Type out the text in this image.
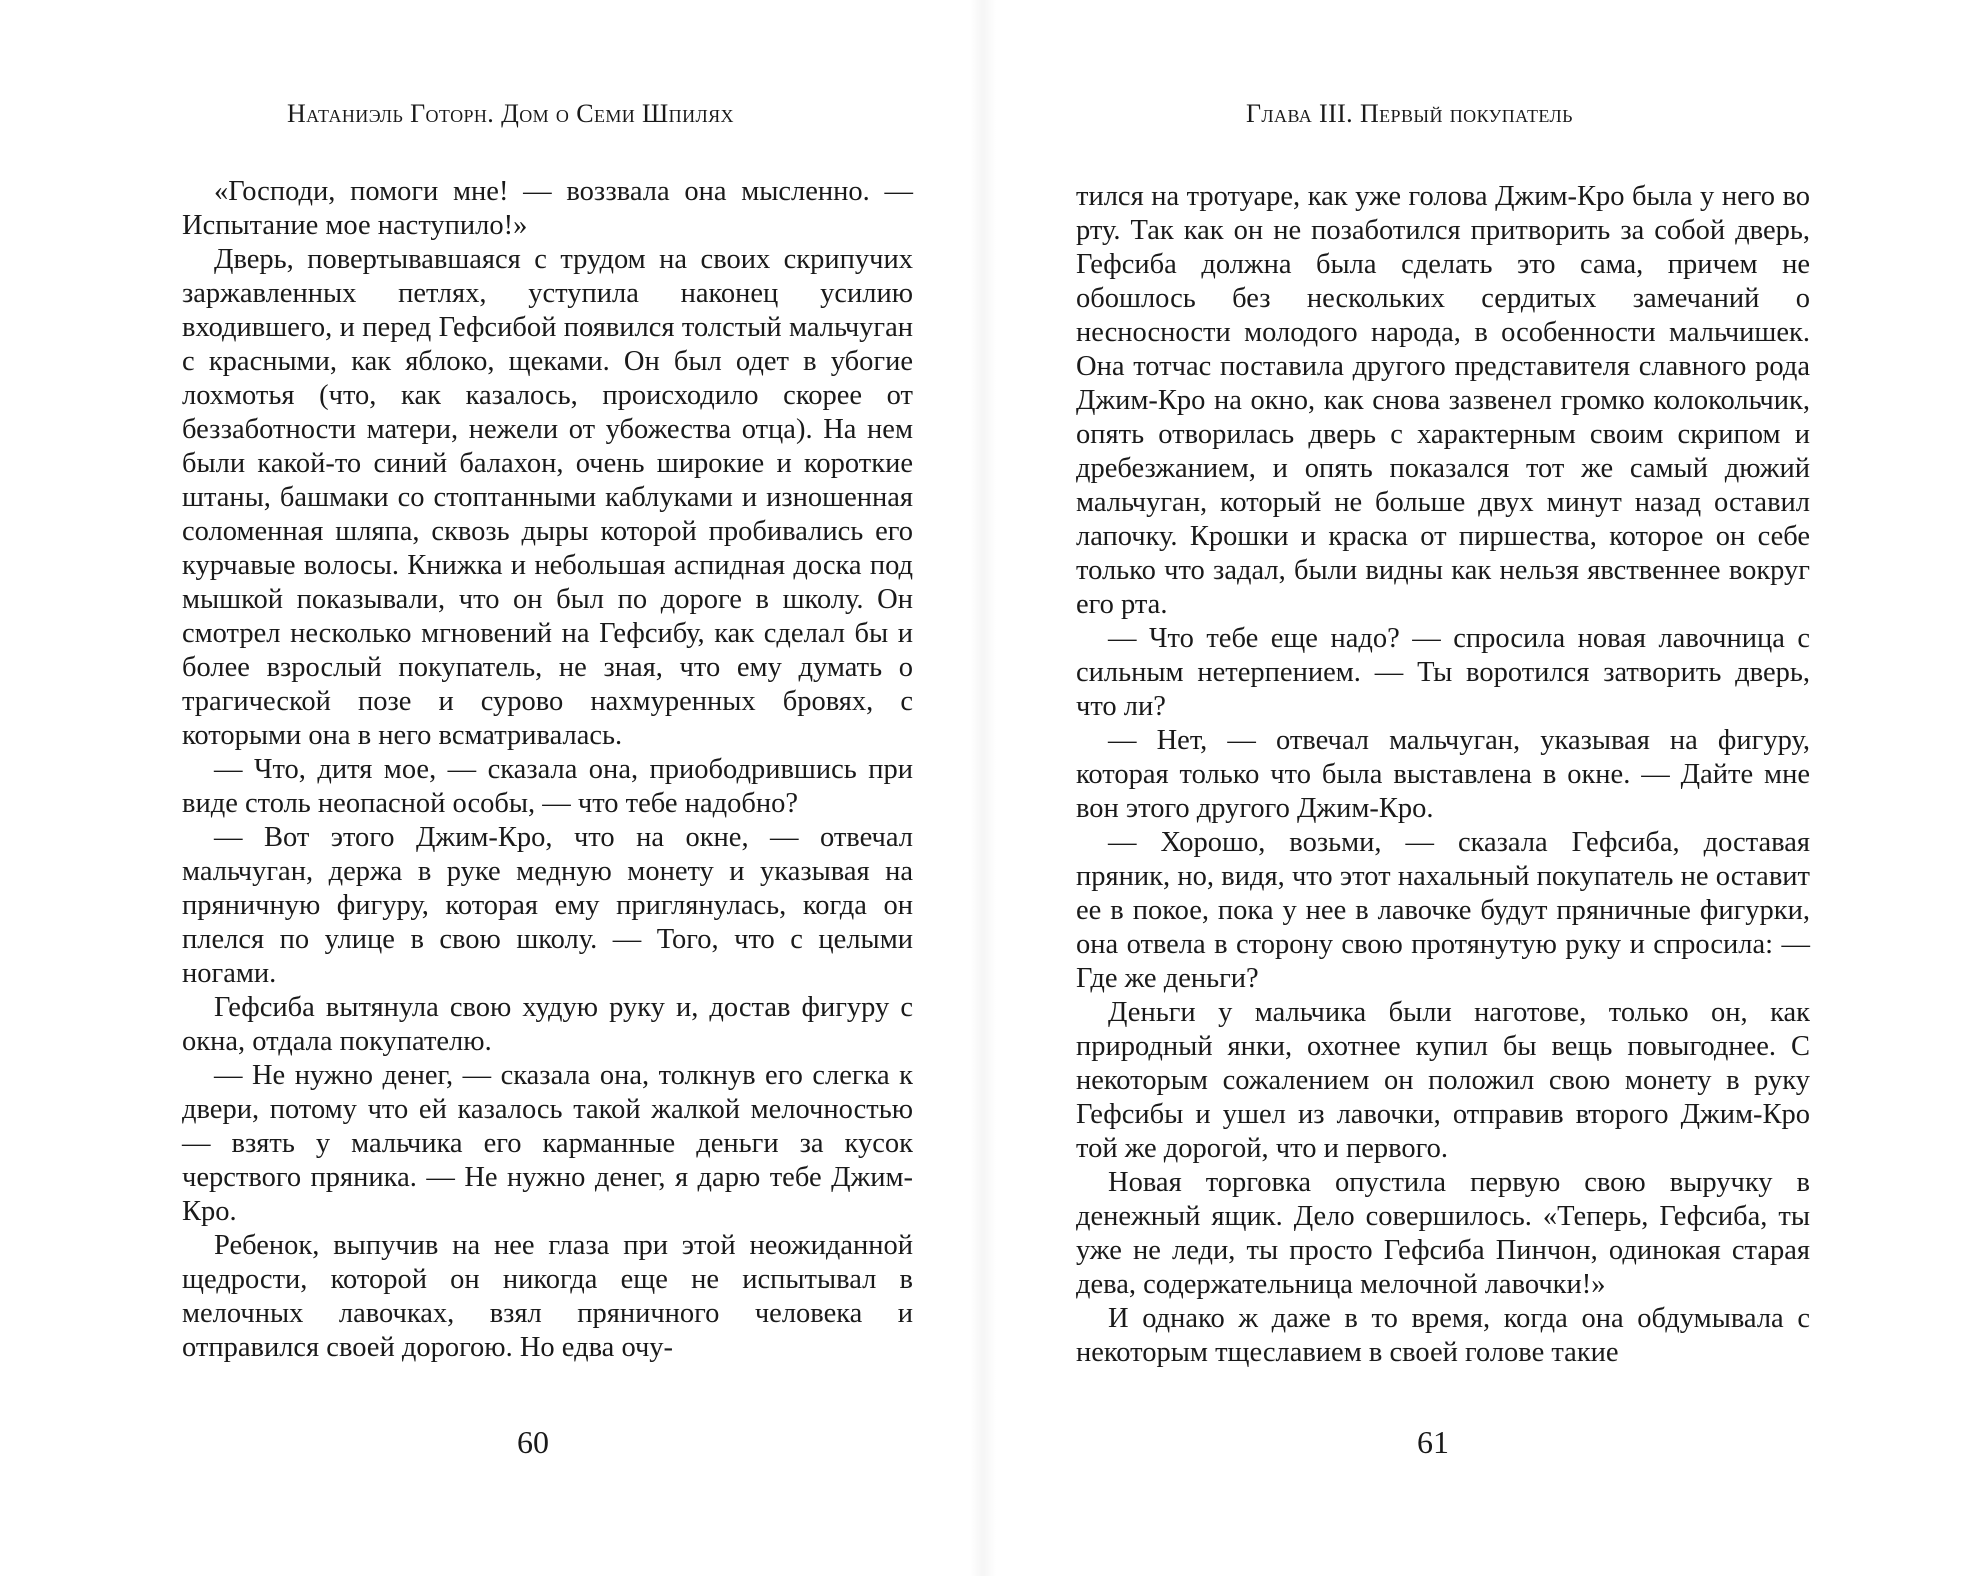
Натаниэль Готорн. Дом о Семи Шпилях

«Господи, помоги мне! — воззвала она мысленно. — Испытание мое наступило!»

Дверь, повертывавшаяся с трудом на своих скрипучих заржавленных петлях, уступила наконец усилию входившего, и перед Гефсибой появился толстый мальчуган с красными, как яблоко, щеками. Он был одет в убогие лохмотья (что, как казалось, происходило скорее от беззаботности матери, нежели от убожества отца). На нем были какой-то синий балахон, очень широкие и короткие штаны, башмаки со стоптанными каблуками и изношенная соломенная шляпа, сквозь дыры которой пробивались его курчавые волосы. Книжка и небольшая аспидная доска под мышкой показывали, что он был по дороге в школу. Он смотрел несколько мгновений на Гефсибу, как сделал бы и более взрослый покупатель, не зная, что ему думать о трагической позе и сурово нахмуренных бровях, с которыми она в него всматривалась.

— Что, дитя мое, — сказала она, приободрившись при виде столь неопасной особы, — что тебе надобно?

— Вот этого Джим-Кро, что на окне, — отвечал мальчуган, держа в руке медную монету и указывая на пряничную фигуру, которая ему приглянулась, когда он плелся по улице в свою школу. — Того, что с целыми ногами.

Гефсиба вытянула свою худую руку и, достав фигуру с окна, отдала покупателю.

— Не нужно денег, — сказала она, толкнув его слегка к двери, потому что ей казалось такой жалкой мелочностью — взять у мальчика его карманные деньги за кусок черствого пряника. — Не нужно денег, я дарю тебе Джим-Кро.

Ребенок, выпучив на нее глаза при этой неожиданной щедрости, которой он никогда еще не испытывал в мелочных лавочках, взял пряничного человека и отправился своей дорогою. Но едва очу-

60
Глава III. Первый покупатель

тился на тротуаре, как уже голова Джим-Кро была у него во рту. Так как он не позаботился притворить за собой дверь, Гефсиба должна была сделать это сама, причем не обошлось без нескольких сердитых замечаний о несносности молодого народа, в особенности мальчишек. Она тотчас поставила другого представителя славного рода Джим-Кро на окно, как снова зазвенел громко колокольчик, опять отворилась дверь с характерным своим скрипом и дребезжанием, и опять показался тот же самый дюжий мальчуган, который не больше двух минут назад оставил лапочку. Крошки и краска от пиршества, которое он себе только что задал, были видны как нельзя явственнее вокруг его рта.

— Что тебе еще надо? — спросила новая лавочница с сильным нетерпением. — Ты воротился затворить дверь, что ли?

— Нет, — отвечал мальчуган, указывая на фигуру, которая только что была выставлена в окне. — Дайте мне вон этого другого Джим-Кро.

— Хорошо, возьми, — сказала Гефсиба, доставая пряник, но, видя, что этот нахальный покупатель не оставит ее в покое, пока у нее в лавочке будут пряничные фигурки, она отвела в сторону свою протянутую руку и спросила: — Где же деньги?

Деньги у мальчика были наготове, только он, как природный янки, охотнее купил бы вещь повыгоднее. С некоторым сожалением он положил свою монету в руку Гефсибы и ушел из лавочки, отправив второго Джим-Кро той же дорогой, что и первого.

Новая торговка опустила первую свою выручку в денежный ящик. Дело совершилось. «Теперь, Гефсиба, ты уже не леди, ты просто Гефсиба Пинчон, одинокая старая дева, содержательница мелочной лавочки!»

И однако ж даже в то время, когда она обдумывала с некоторым тщеславием в своей голове такие

61
